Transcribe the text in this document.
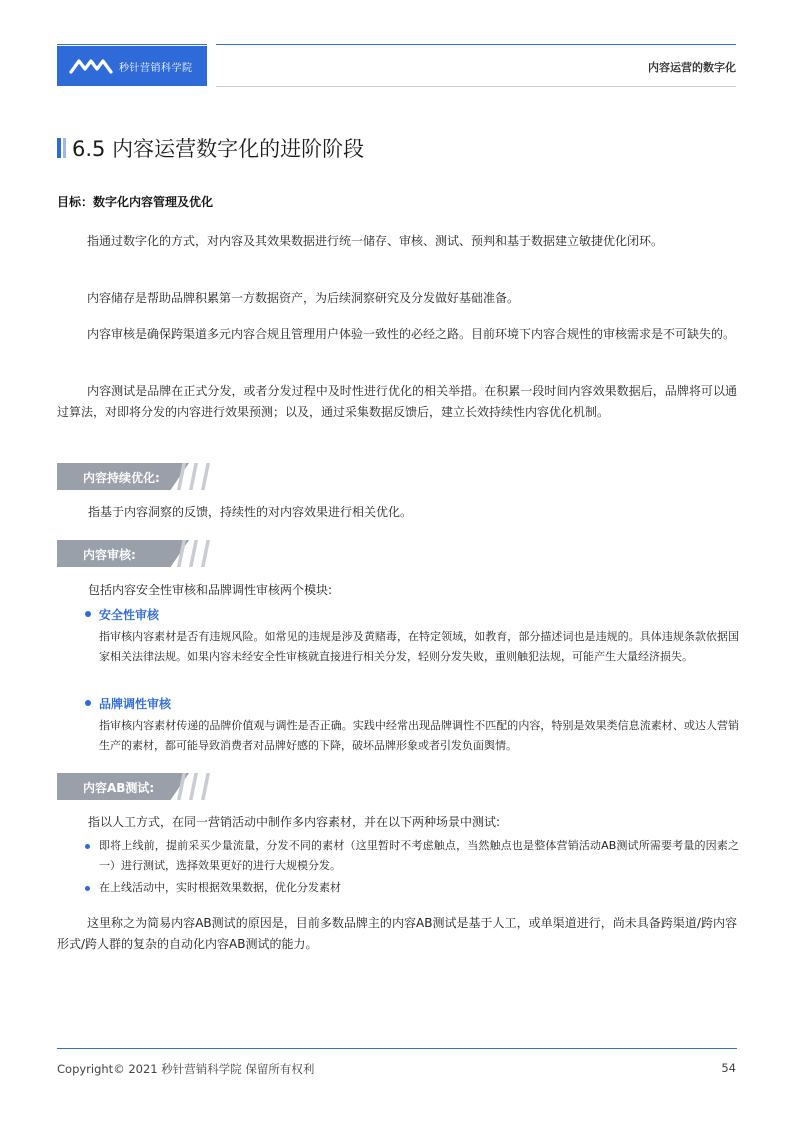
秒针营销科学院	内容运营的数字化
6.5 内容运营数字化的进阶阶段
目标：数字化内容管理及优化

指通过数字化的方式，对内容及其效果数据进行统一储存、审核、测试、预判和基于数据建立敏捷优化闭环。

内容储存是帮助品牌积累第一方数据资产，为后续洞察研究及分发做好基础准备。

内容审核是确保跨渠道多元内容合规且管理用户体验一致性的必经之路。目前环境下内容合规性的审核需求是不可缺失的。

内容测试是品牌在正式分发，或者分发过程中及时性进行优化的相关举措。在积累一段时间内容效果数据后，品牌将可以通过算法，对即将分发的内容进行效果预测；以及，通过采集数据反馈后，建立长效持续性内容优化机制。

内容持续优化:
指基于内容洞察的反馈，持续性的对内容效果进行相关优化。
内容审核:
包括内容安全性审核和品牌调性审核两个模块:
安全性审核

指审核内容素材是否有违规风险。如常见的违规是涉及黄赌毒，在特定领域，如教育，部分描述词也是违规的。具体违规条款依据国家相关法律法规。如果内容未经安全性审核就直接进行相关分发，轻则分发失败，重则触犯法规，可能产生大量经济损失。

品牌调性审核

指审核内容素材传递的品牌价值观与调性是否正确。实践中经常出现品牌调性不匹配的内容，特别是效果类信息流素材、或达人营销生产的素材，都可能导致消费者对品牌好感的下降，破坏品牌形象或者引发负面舆情。

内容AB测试:
指以人工方式，在同一营销活动中制作多内容素材，并在以下两种场景中测试:

即将上线前，提前采买少量流量，分发不同的素材（这里暂时不考虑触点，当然触点也是整体营销活动AB测试所需要考量的因素之一）进行测试，选择效果更好的进行大规模分发。

在上线活动中，实时根据效果数据，优化分发素材

这里称之为简易内容AB测试的原因是，目前多数品牌主的内容AB测试是基于人工，或单渠道进行，尚未具备跨渠道/跨内容形式/跨人群的复杂的自动化内容AB测试的能力。

Copyright© 2021 秒针营销科学院 保留所有权利	54
